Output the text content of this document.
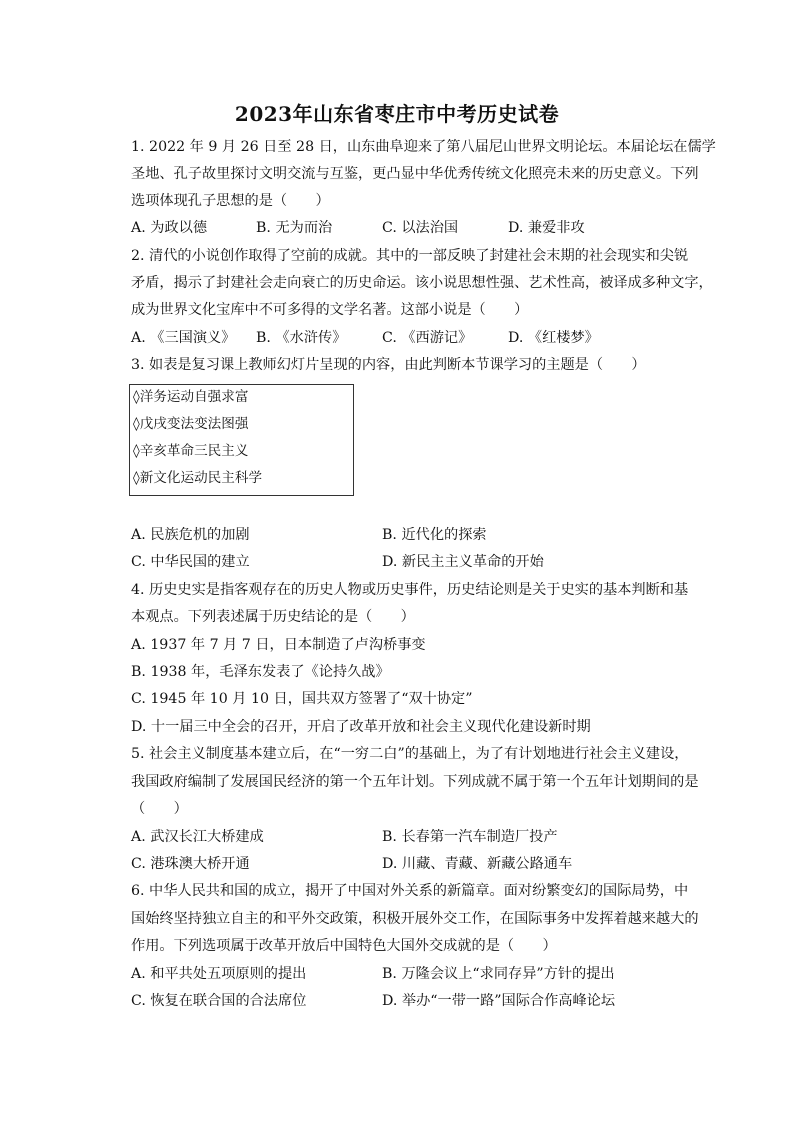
2023年山东省枣庄市中考历史试卷
1. 2022 年 9 月 26 日至 28 日，山东曲阜迎来了第八届尼山世界文明论坛。本届论坛在儒学
圣地、孔子故里探讨文明交流与互鉴，更凸显中华优秀传统文化照亮未来的历史意义。下列
选项体现孔子思想的是（　　）
A. 为政以德	B. 无为而治	C. 以法治国	D. 兼爱非攻
2. 清代的小说创作取得了空前的成就。其中的一部反映了封建社会末期的社会现实和尖锐
矛盾，揭示了封建社会走向衰亡的历史命运。该小说思想性强、艺术性高，被译成多种文字，
成为世界文化宝库中不可多得的文学名著。这部小说是（　　）
A. 《三国演义》 B. 《水浒传》	C. 《西游记》	D. 《红楼梦》
3. 如表是复习课上教师幻灯片呈现的内容，由此判断本节课学习的主题是（　　）
◊洋务运动自强求富
◊戊戌变法变法图强
◊辛亥革命三民主义
◊新文化运动民主科学
A. 民族危机的加剧	B. 近代化的探索
C. 中华民国的建立	D. 新民主主义革命的开始
4. 历史史实是指客观存在的历史人物或历史事件，历史结论则是关于史实的基本判断和基
本观点。下列表述属于历史结论的是（　　）
A. 1937 年 7 月 7 日，日本制造了卢沟桥事变
B. 1938 年，毛泽东发表了《论持久战》
C. 1945 年 10 月 10 日，国共双方签署了“双十协定”
D. 十一届三中全会的召开，开启了改革开放和社会主义现代化建设新时期
5. 社会主义制度基本建立后，在“一穷二白”的基础上，为了有计划地进行社会主义建设，
我国政府编制了发展国民经济的第一个五年计划。下列成就不属于第一个五年计划期间的是
（　　）
A. 武汉长江大桥建成	B. 长春第一汽车制造厂投产
C. 港珠澳大桥开通	D. 川藏、青藏、新藏公路通车
6. 中华人民共和国的成立，揭开了中国对外关系的新篇章。面对纷繁变幻的国际局势，中
国始终坚持独立自主的和平外交政策，积极开展外交工作，在国际事务中发挥着越来越大的
作用。下列选项属于改革开放后中国特色大国外交成就的是（　　）
A. 和平共处五项原则的提出	B. 万隆会议上“求同存异”方针的提出
C. 恢复在联合国的合法席位	D. 举办“一带一路”国际合作高峰论坛
